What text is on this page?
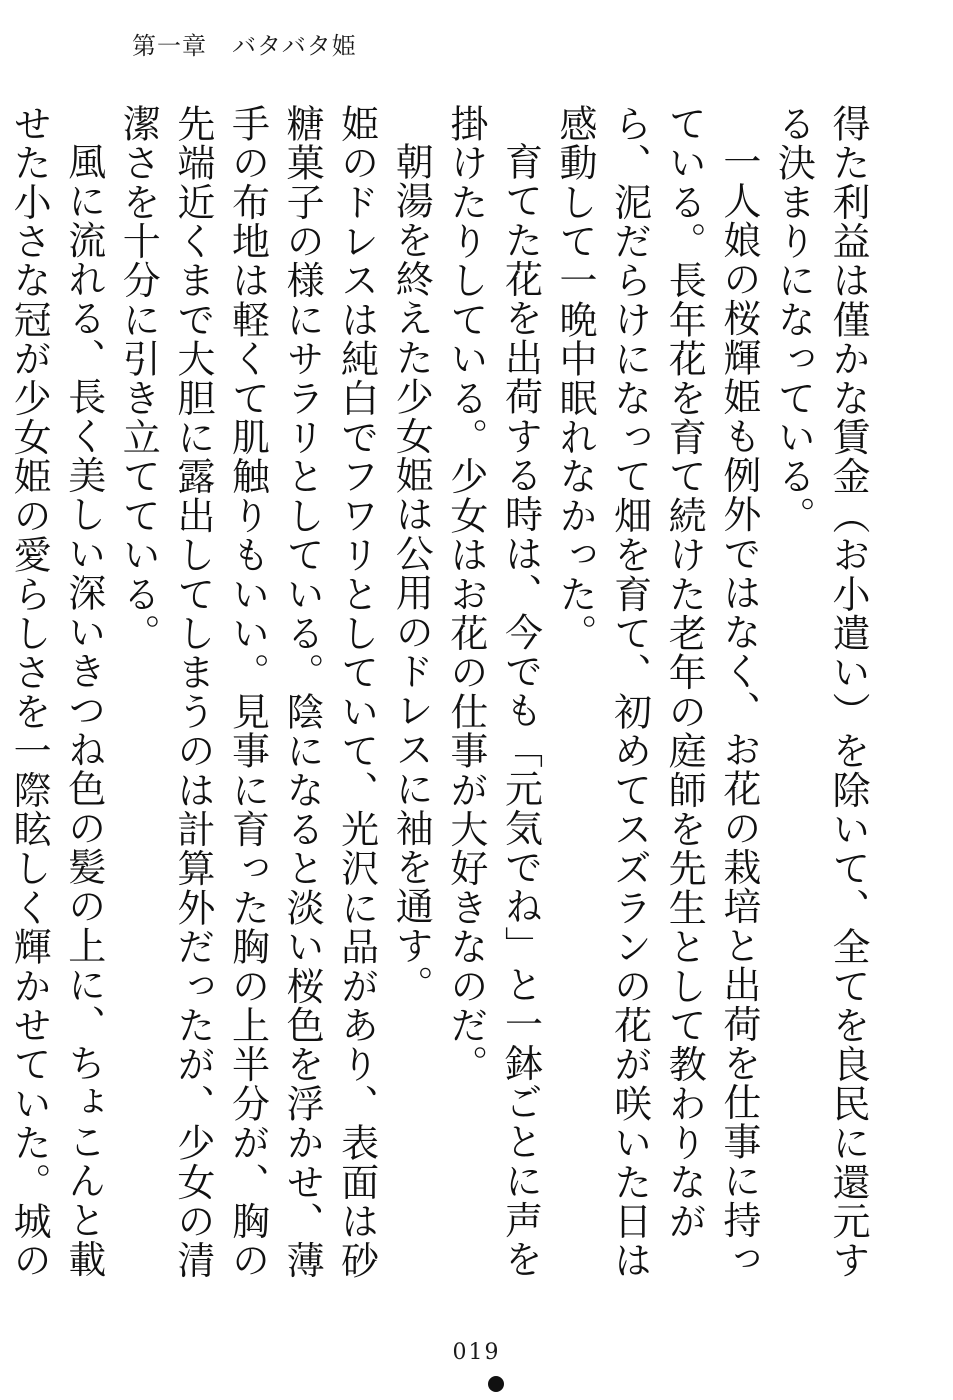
第一章　バタバタ姫

得た利益は僅かな賃金（お小遣い）を除いて、全てを良民に還元する決まりになっている。

一人娘の桜輝姫も例外ではなく、お花の栽培と出荷を仕事に持っている。長年花を育て続けた老年の庭師を先生として教わりながら、泥だらけになって畑を育て、初めてスズランの花が咲いた日は感動して一晩中眠れなかった。

育てた花を出荷する時は、今でも「元気でね」と一鉢ごとに声を掛けたりしている。少女はお花の仕事が大好きなのだ。

朝湯を終えた少女姫は公用のドレスに袖を通す。

姫のドレスは純白でフワリとしていて、光沢に品があり、表面は砂糖菓子の様にサラリとしている。陰になると淡い桜色を浮かせ、薄手の布地は軽くて肌触りもいい。見事に育った胸の上半分が、胸の先端近くまで大胆に露出してしまうのは計算外だったが、少女の清潔さを十分に引き立てている。

風に流れる、長く美しい深いきつね色の髪の上に、ちょこんと載せた小さな冠が少女姫の愛らしさを一際眩しく輝かせていた。城の

019
